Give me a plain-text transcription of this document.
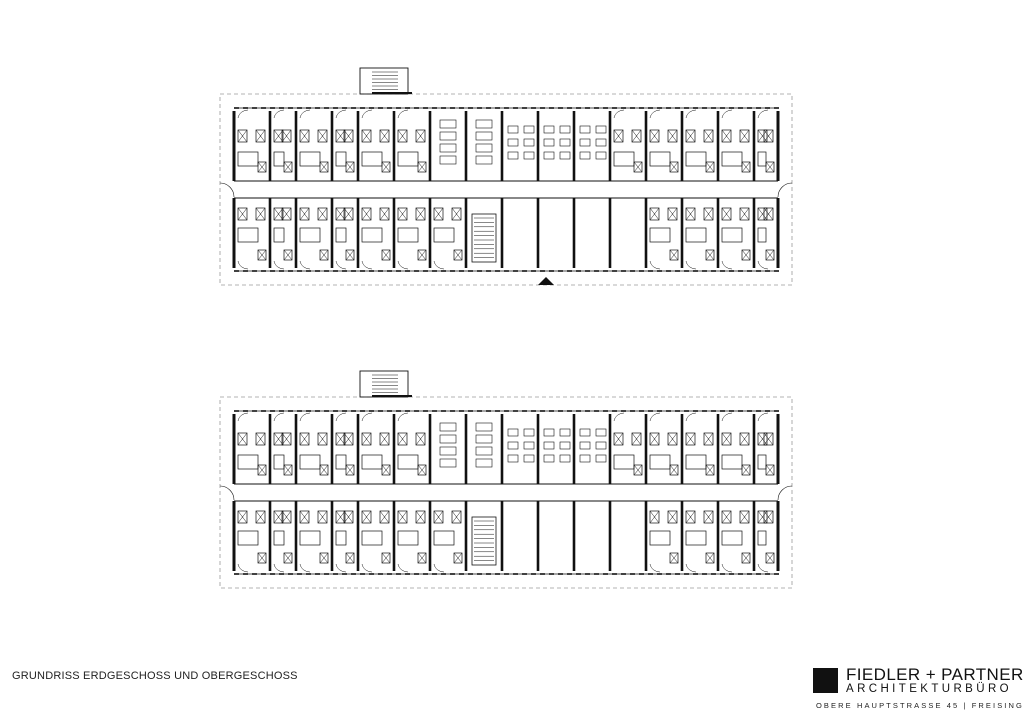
GRUNDRISS ERDGESCHOSS UND OBERGESCHOSS	FIEDLER + PARTNER
ARCHITEKTURBÜRO
OBERE HAUPTSTRASSE 45 | FREISING
